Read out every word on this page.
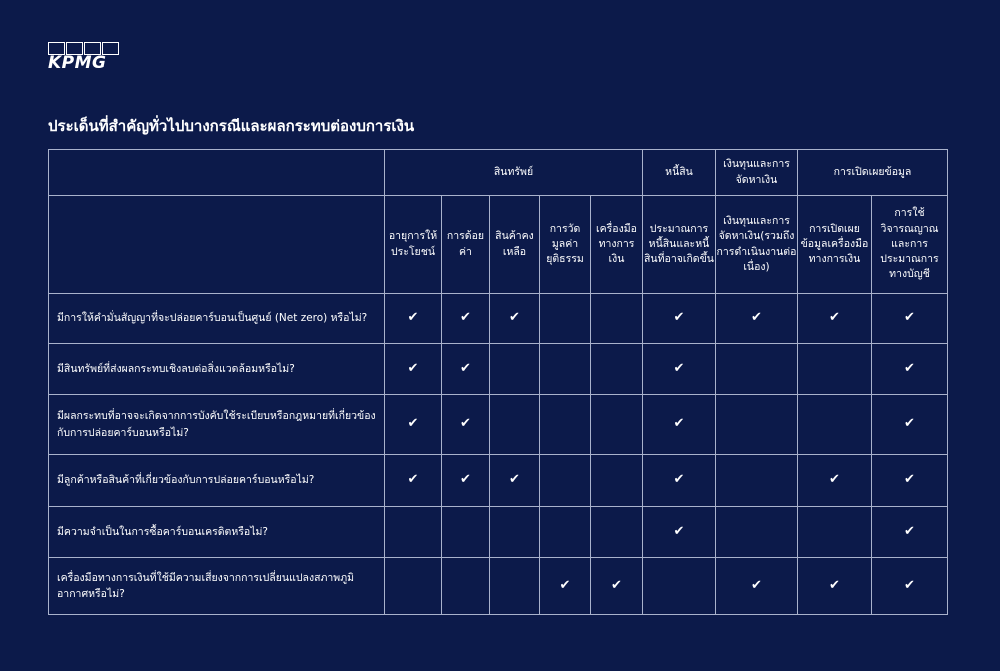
KPMG
ประเด็นที่สำคัญทั่วไปบางกรณีและผลกระทบต่องบการเงิน
	สินทรัพย์					หนี้สิน	เงินทุนและการจัดหาเงิน	การเปิดเผยข้อมูล	
	อายุการให้ประโยชน์	การด้อยค่า	สินค้าคงเหลือ	การวัดมูลค่ายุติธรรม	เครื่องมือทางการเงิน	ประมาณการหนี้สินและหนี้สินที่อาจเกิดขึ้น	เงินทุนและการจัดหาเงิน(รวมถึงการดำเนินงานต่อเนื่อง)	การเปิดเผยข้อมูลเครื่องมือทางการเงิน	การใช้วิจารณญาณและการประมาณการทางบัญชี
มีการให้คำมั่นสัญญาที่จะปล่อยคาร์บอนเป็นศูนย์ (Net zero) หรือไม่?	✔	✔	✔			✔	✔	✔	✔
มีสินทรัพย์ที่ส่งผลกระทบเชิงลบต่อสิ่งแวดล้อมหรือไม่?	✔	✔				✔			✔
มีผลกระทบที่อาจจะเกิดจากการบังคับใช้ระเบียบหรือกฎหมายที่เกี่ยวข้องกับการปล่อยคาร์บอนหรือไม่?	✔	✔				✔			✔
มีลูกค้าหรือสินค้าที่เกี่ยวข้องกับการปล่อยคาร์บอนหรือไม่?	✔	✔	✔			✔		✔	✔
มีความจำเป็นในการซื้อคาร์บอนเครดิตหรือไม่?						✔			✔
เครื่องมือทางการเงินที่ใช้มีความเสี่ยงจากการเปลี่ยนแปลงสภาพภูมิอากาศหรือไม่?				✔	✔		✔	✔	✔
